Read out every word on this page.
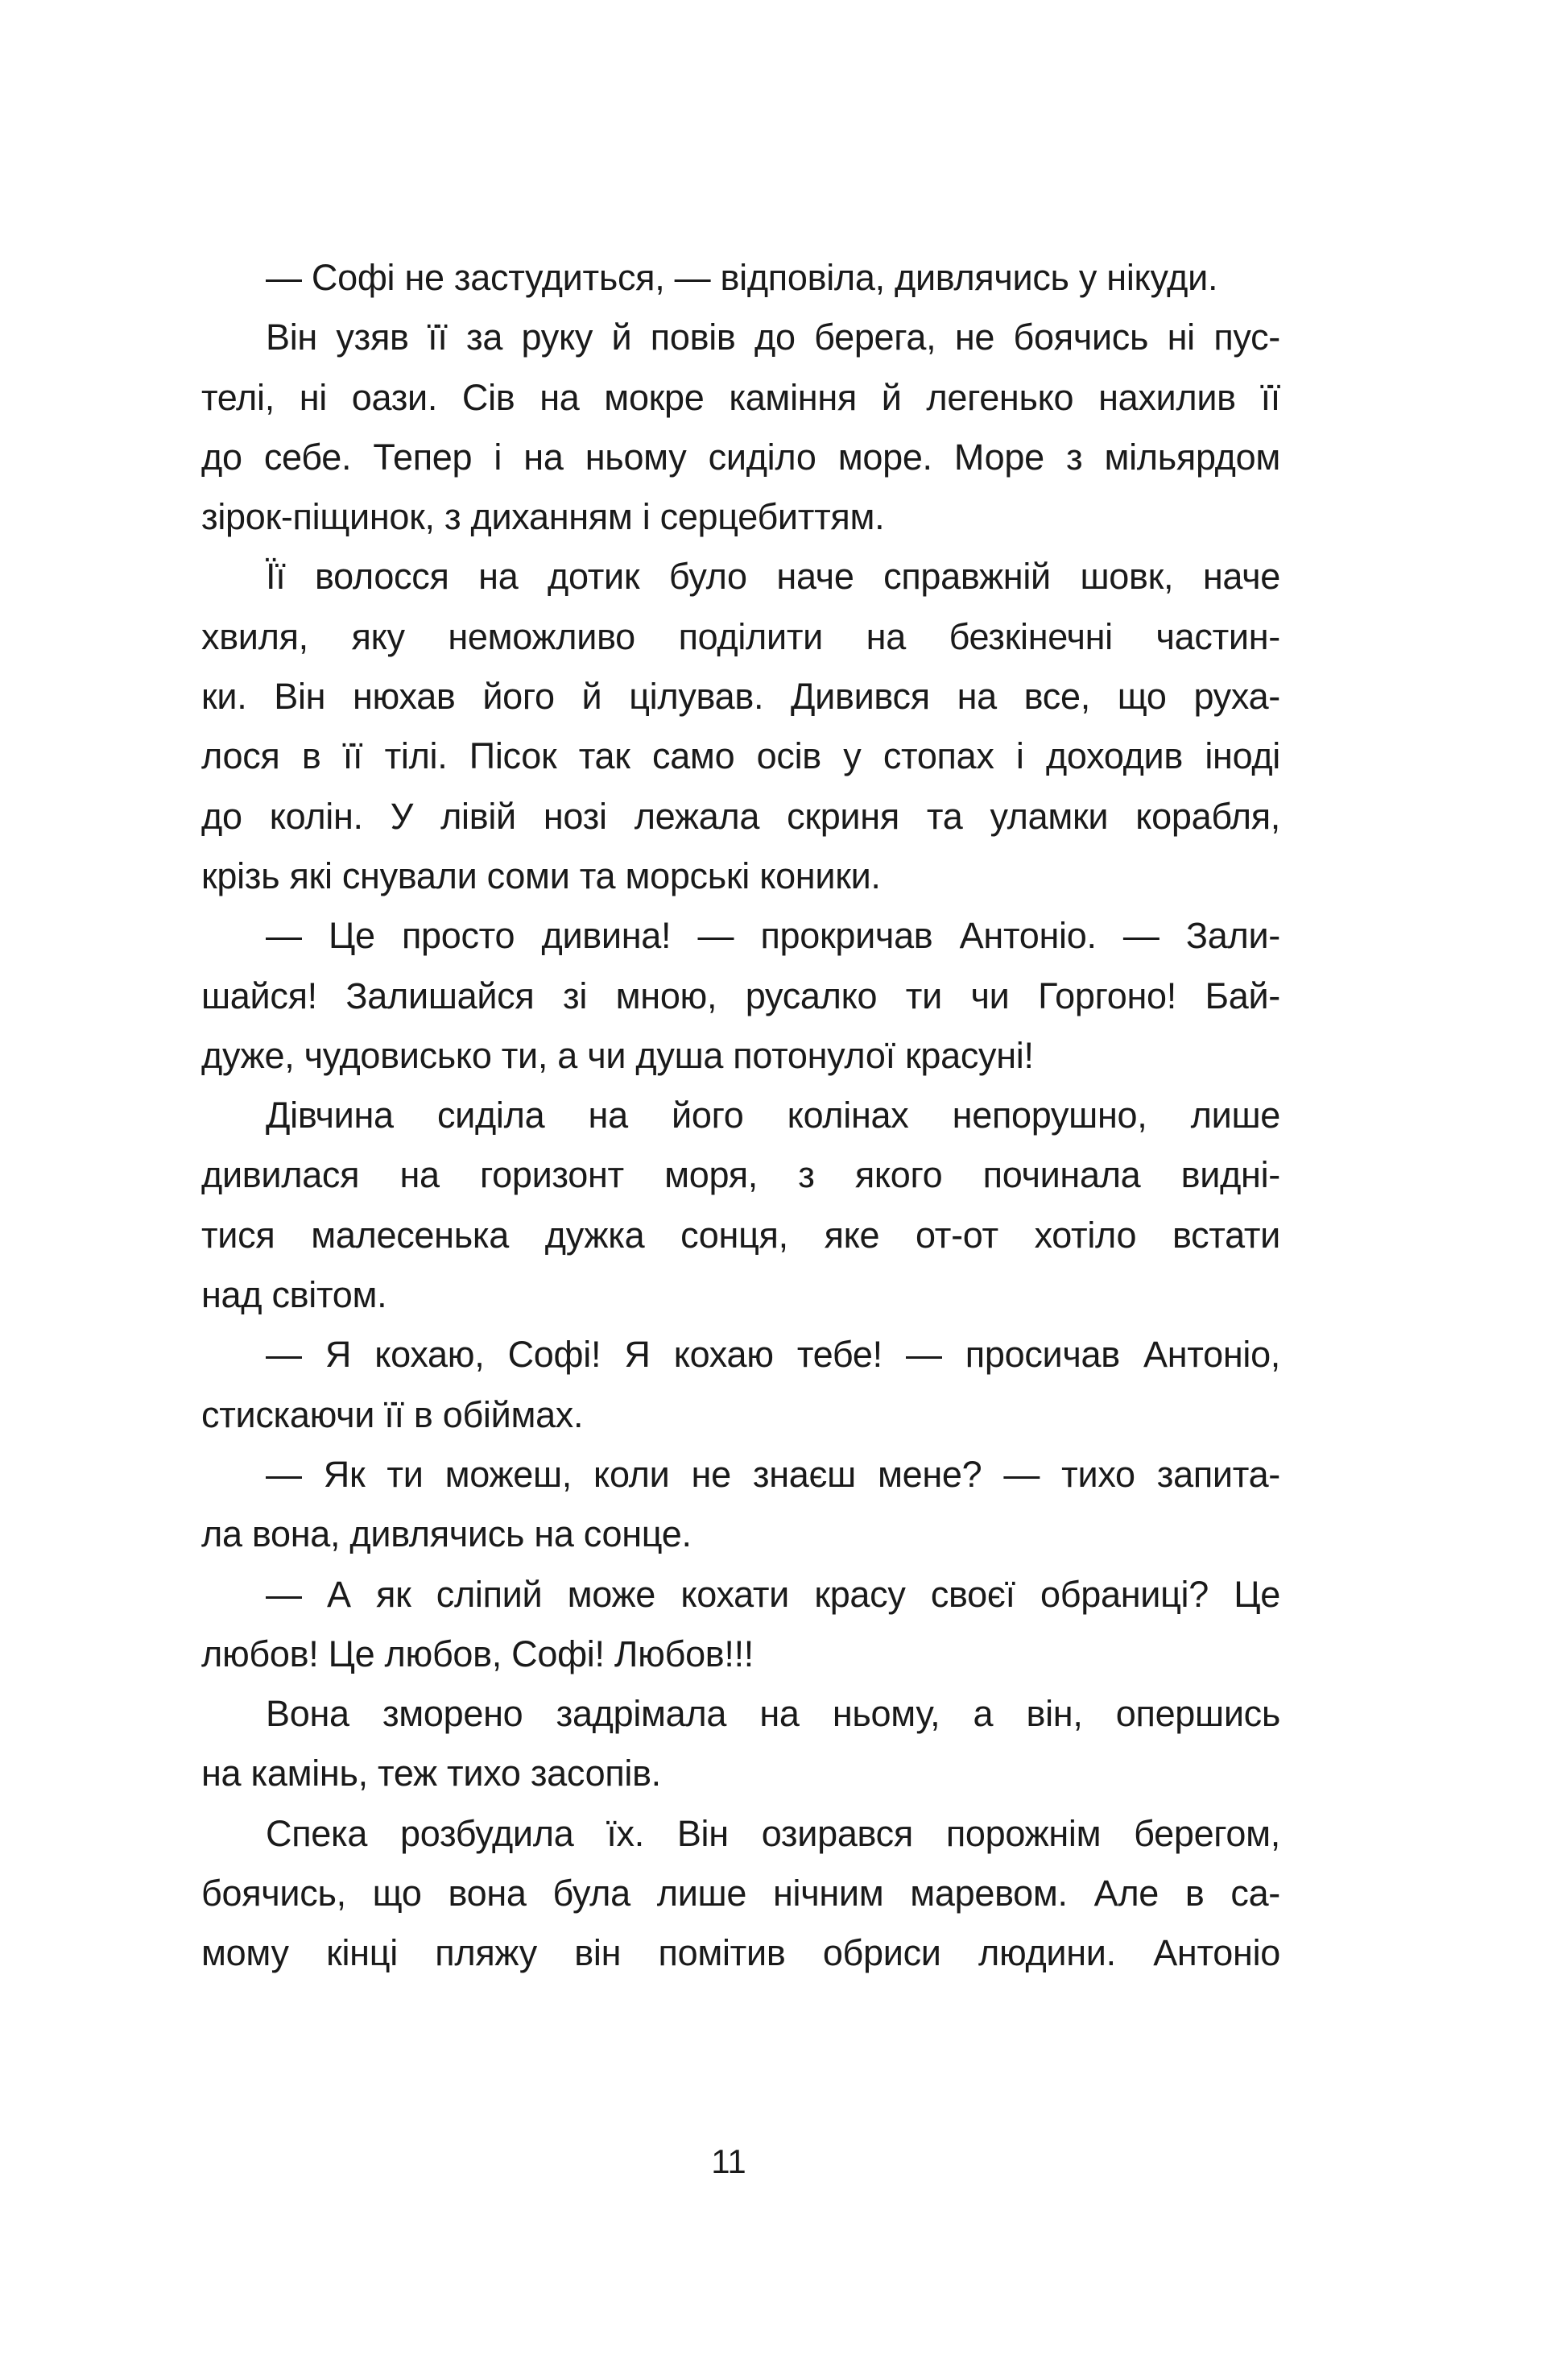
— Софі не застудиться, — відповіла, дивлячись у нікуди.
Він узяв її за руку й повів до берега, не боячись ні пус-
телі, ні оази. Сів на мокре каміння й легенько нахилив її
до себе. Тепер і на ньому сиділо море. Море з мільярдом
зірок-піщинок, з диханням і серцебиттям.
Її волосся на дотик було наче справжній шовк, наче
хвиля, яку неможливо поділити на безкінечні частин-
ки. Він нюхав його й цілував. Дивився на все, що руха-
лося в її тілі. Пісок так само осів у стопах і доходив іноді
до колін. У лівій нозі лежала скриня та уламки корабля,
крізь які снували соми та морські коники.
— Це просто дивина! — прокричав Антоніо. — Зали-
шайся! Залишайся зі мною, русалко ти чи Горгоно! Бай-
дуже, чудовисько ти, а чи душа потонулої красуні!
Дівчина сиділа на його колінах непорушно, лише
дивилася на горизонт моря, з якого починала видні-
тися малесенька дужка сонця, яке от-от хотіло встати
над світом.
— Я кохаю, Софі! Я кохаю тебе! — просичав Антоніо,
стискаючи її в обіймах.
— Як ти можеш, коли не знаєш мене? — тихо запита-
ла вона, дивлячись на сонце.
— А як сліпий може кохати красу своєї обраниці? Це
любов! Це любов, Софі! Любов!!!
Вона зморено задрімала на ньому, а він, опершись
на камінь, теж тихо засопів.
Спека розбудила їх. Він озирався порожнім берегом,
боячись, що вона була лише нічним маревом. Але в са-
мому кінці пляжу він помітив обриси людини. Антоніо
11
